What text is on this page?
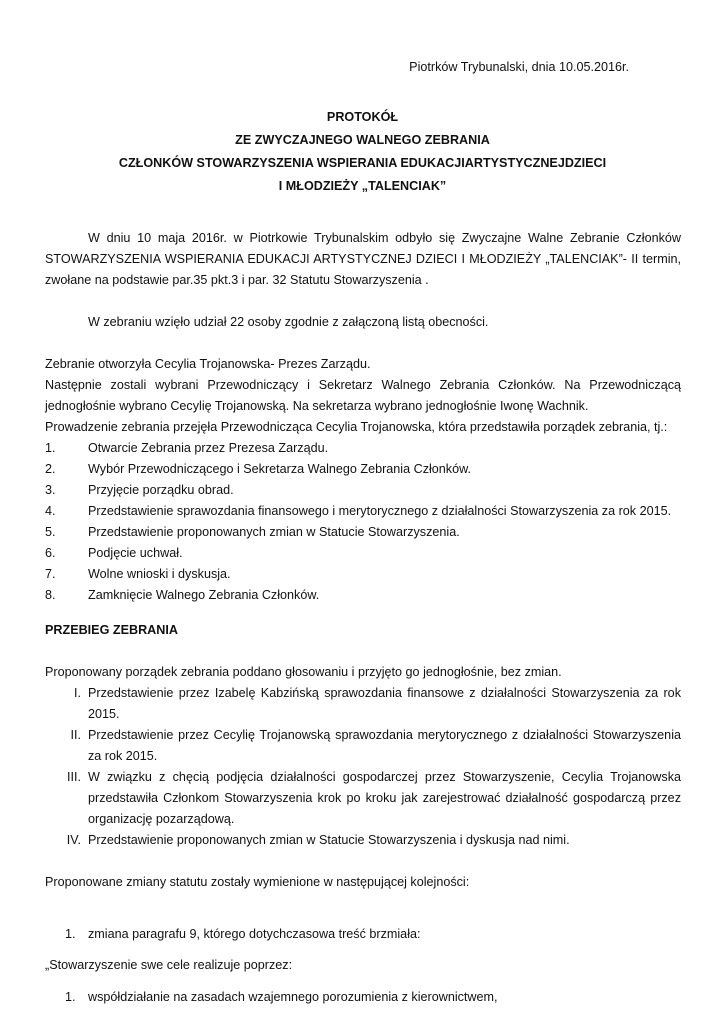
Piotrków Trybunalski, dnia 10.05.2016r.
PROTOKÓŁ
ZE ZWYCZAJNEGO WALNEGO ZEBRANIA
CZŁONKÓW STOWARZYSZENIA WSPIERANIA EDUKACJIARTYSTYCZNEJDZIECI
I MŁODZIEŻY „TALENCIAK”

W dniu 10 maja 2016r. w Piotrkowie Trybunalskim odbyło się Zwyczajne Walne Zebranie Członków STOWARZYSZENIA WSPIERANIA EDUKACJI ARTYSTYCZNEJ DZIECI I MŁODZIEŻY „TALENCIAK”- II termin, zwołane na podstawie par.35 pkt.3 i par. 32 Statutu Stowarzyszenia .

W zebraniu wzięło udział 22 osoby zgodnie z załączoną listą obecności.

Zebranie otworzyła Cecylia Trojanowska- Prezes Zarządu.

Następnie zostali wybrani Przewodniczący i Sekretarz Walnego Zebrania Członków. Na Przewodniczącą jednogłośnie wybrano Cecylię Trojanowską. Na sekretarza wybrano jednogłośnie Iwonę Wachnik.

Prowadzenie zebrania przejęła Przewodnicząca Cecylia Trojanowska, która przedstawiła porządek zebrania, tj.:

1.	Otwarcie Zebrania przez Prezesa Zarządu.
2.	Wybór Przewodniczącego i Sekretarza Walnego Zebrania Członków.
3.	Przyjęcie porządku obrad.
4.	Przedstawienie sprawozdania finansowego i merytorycznego z działalności Stowarzyszenia za rok 2015.
5.	Przedstawienie proponowanych zmian w Statucie Stowarzyszenia.
6.	Podjęcie uchwał.
7.	Wolne wnioski i dyskusja.
8.	Zamknięcie Walnego Zebrania Członków.

PRZEBIEG ZEBRANIA

Proponowany porządek zebrania poddano głosowaniu i przyjęto go jednogłośnie, bez zmian.

I. Przedstawienie przez Izabelę Kabzińską sprawozdania finansowe z działalności Stowarzyszenia za rok 2015.
II. Przedstawienie przez Cecylię Trojanowską sprawozdania merytorycznego z działalności Stowarzyszenia za rok 2015.
III. W związku z chęcią podjęcia działalności gospodarczej przez Stowarzyszenie, Cecylia Trojanowska przedstawiła Członkom Stowarzyszenia krok po kroku jak zarejestrować działalność gospodarczą przez organizację pozarządową.
IV. Przedstawienie proponowanych zmian w Statucie Stowarzyszenia i dyskusja nad nimi.

Proponowane zmiany statutu zostały wymienione w następującej kolejności:

1. zmiana paragrafu 9, którego dotychczasowa treść brzmiała:

„Stowarzyszenie swe cele realizuje poprzez:

1. współdziałanie na zasadach wzajemnego porozumienia z kierownictwem,
